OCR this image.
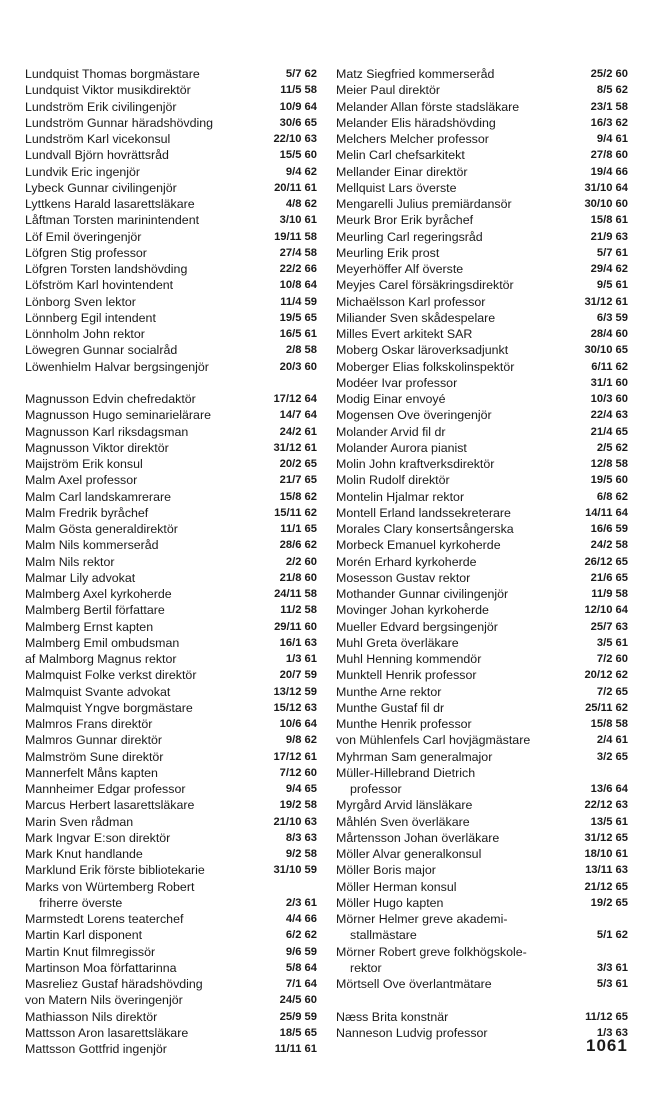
Lundquist Thomas borgmästare	5/7 62
Lundquist Viktor musikdirektör	11/5 58
Lundström Erik civilingenjör	10/9 64
Lundström Gunnar häradshövding	30/6 65
Lundström Karl vicekonsul	22/10 63
Lundvall Björn hovrättsråd	15/5 60
Lundvik Eric ingenjör	9/4 62
Lybeck Gunnar civilingenjör	20/11 61
Lyttkens Harald lasarettsläkare	4/8 62
Låftman Torsten marinintendent	3/10 61
Löf Emil överingenjör	19/11 58
Löfgren Stig professor	27/4 58
Löfgren Torsten landshövding	22/2 66
Löfström Karl hovintendent	10/8 64
Lönborg Sven lektor	11/4 59
Lönnberg Egil intendent	19/5 65
Lönnholm John rektor	16/5 61
Löwegren Gunnar socialråd	2/8 58
Löwenhielm Halvar bergsingenjör	20/3 60
Magnusson Edvin chefredaktör	17/12 64
Magnusson Hugo seminarielärare	14/7 64
Magnusson Karl riksdagsman	24/2 61
Magnusson Viktor direktör	31/12 61
Maijström Erik konsul	20/2 65
Malm Axel professor	21/7 65
Malm Carl landskamrerare	15/8 62
Malm Fredrik byråchef	15/11 62
Malm Gösta generaldirektör	11/1 65
Malm Nils kommerseråd	28/6 62
Malm Nils rektor	2/2 60
Malmar Lily advokat	21/8 60
Malmberg Axel kyrkoherde	24/11 58
Malmberg Bertil författare	11/2 58
Malmberg Ernst kapten	29/11 60
Malmberg Emil ombudsman	16/1 63
af Malmborg Magnus rektor	1/3 61
Malmquist Folke verkst direktör	20/7 59
Malmquist Svante advokat	13/12 59
Malmquist Yngve borgmästare	15/12 63
Malmros Frans direktör	10/6 64
Malmros Gunnar direktör	9/8 62
Malmström Sune direktör	17/12 61
Mannerfelt Måns kapten	7/12 60
Mannheimer Edgar professor	9/4 65
Marcus Herbert lasarettsläkare	19/2 58
Marin Sven rådman	21/10 63
Mark Ingvar E:son direktör	8/3 63
Mark Knut handlande	9/2 58
Marklund Erik förste bibliotekarie	31/10 59
Marks von Würtemberg Robert
friherre överste	2/3 61
Marmstedt Lorens teaterchef	4/4 66
Martin Karl disponent	6/2 62
Martin Knut filmregissör	9/6 59
Martinson Moa författarinna	5/8 64
Masreliez Gustaf häradshövding	7/1 64
von Matern Nils överingenjör	24/5 60
Mathiasson Nils direktör	25/9 59
Mattsson Aron lasarettsläkare	18/5 65
Mattsson Gottfrid ingenjör	11/11 61
Matz Siegfried kommerseråd	25/2 60
Meier Paul direktör	8/5 62
Melander Allan förste stadsläkare	23/1 58
Melander Elis häradshövding	16/3 62
Melchers Melcher professor	9/4 61
Melin Carl chefsarkitekt	27/8 60
Mellander Einar direktör	19/4 66
Mellquist Lars överste	31/10 64
Mengarelli Julius premiärdansör	30/10 60
Meurk Bror Erik byråchef	15/8 61
Meurling Carl regeringsråd	21/9 63
Meurling Erik prost	5/7 61
Meyerhöffer Alf överste	29/4 62
Meyjes Carel försäkringsdirektör	9/5 61
Michaëlsson Karl professor	31/12 61
Miliander Sven skådespelare	6/3 59
Milles Evert arkitekt SAR	28/4 60
Moberg Oskar läroverksadjunkt	30/10 65
Moberger Elias folkskolinspektör	6/11 62
Modéer Ivar professor	31/1 60
Modig Einar envoyé	10/3 60
Mogensen Ove överingenjör	22/4 63
Molander Arvid fil dr	21/4 65
Molander Aurora pianist	2/5 62
Molin John kraftverksdirektör	12/8 58
Molin Rudolf direktör	19/5 60
Montelin Hjalmar rektor	6/8 62
Montell Erland landssekreterare	14/11 64
Morales Clary konsertsångerska	16/6 59
Morbeck Emanuel kyrkoherde	24/2 58
Morén Erhard kyrkoherde	26/12 65
Mosesson Gustav rektor	21/6 65
Mothander Gunnar civilingenjör	11/9 58
Movinger Johan kyrkoherde	12/10 64
Mueller Edvard bergsingenjör	25/7 63
Muhl Greta överläkare	3/5 61
Muhl Henning kommendör	7/2 60
Munktell Henrik professor	20/12 62
Munthe Arne rektor	7/2 65
Munthe Gustaf fil dr	25/11 62
Munthe Henrik professor	15/8 58
von Mühlenfels Carl hovjägmästare	2/4 61
Myhrman Sam generalmajor	3/2 65
Müller-Hillebrand Dietrich
professor	13/6 64
Myrgård Arvid länsläkare	22/12 63
Måhlén Sven överläkare	13/5 61
Mårtensson Johan överläkare	31/12 65
Möller Alvar generalkonsul	18/10 61
Möller Boris major	13/11 63
Möller Herman konsul	21/12 65
Möller Hugo kapten	19/2 65
Mörner Helmer greve akademi-
stallmästare	5/1 62
Mörner Robert greve folkhögskole-
rektor	3/3 61
Mörtsell Ove överlantmätare	5/3 61
Næss Brita konstnär	11/12 65
Nanneson Ludvig professor	1/3 63
1061
